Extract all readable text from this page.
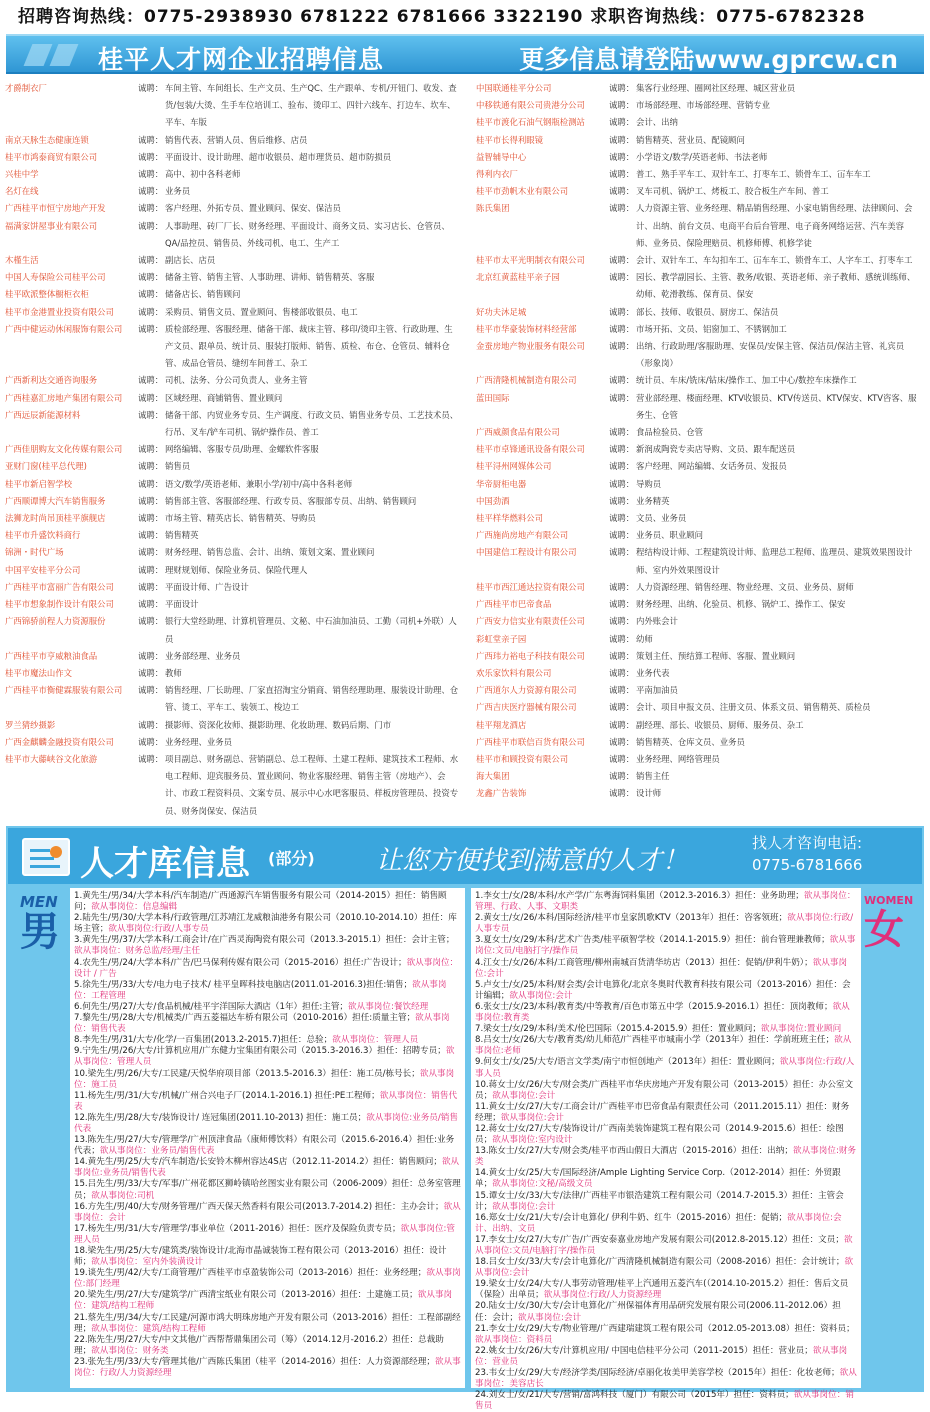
招聘咨询热线：0775-2938930 6781222 6781666 3322190 求职咨询热线：0775-6782328
桂平人才网企业招聘信息	更多信息请登陆www.gprcw.cn
才爵制衣厂	诚聘： 车间主管、车间组长、生产文员、生产QC、生产跟单、专机/开钮门、收发、查货/包装/大烫、生手车位培训工、验布、烫印工、四针六线车、打边车、坎车、平车、车版
南京天脉生态健康连锁	诚聘： 销售代表、营销人员、售后维修、店员
桂平市鸿泰商贸有限公司	诚聘： 平面设计、设计助理、超市收银员、超市理货员、超市防损员
兴桂中学	诚聘： 高中、初中各科老师
名灯在线	诚聘： 业务员
广西桂平市恒宁房地产开发	诚聘： 客户经理、外拓专员、置业顾问、保安、保洁员
福满家饼屋事业有限公司	诚聘： 人事助理、砖厂厂长、财务经理、平面设计、商务文员、实习店长、仓管员、QA/品控员、销售员、外线司机、电工、生产工
木槿生活	诚聘： 副店长、店员
中国人寿保险公司桂平公司	诚聘： 储备主管、销售主管、人事助理、讲师、销售精英、客服
桂平欧派整体橱柜衣柜	诚聘： 储备店长、销售顾问
桂平市金港置业投资有限公司	诚聘： 采购员、销售文员、置业顾问、售楼部收银员、电工
广西中健运动休闲服饰有限公司	诚聘： 质检部经理、客服经理、储备干部、裁床主管、移印/烫印主管、行政助理、生产文员、跟单员、统计员、服装打版师、销售、质检、布仓、仓管员、辅料仓管、成品仓管员、缝纫车间普工、杂工
广西新利达交通咨询服务	诚聘： 司机、法务、分公司负责人、业务主管
广西桂嘉汇房地产集团有限公司	诚聘： 区域经理、商铺销售、置业顾问
广西远辰新能源材料	诚聘： 储备干部、内贸业务专员、生产调度、行政文员、销售业务专员、工艺技术员、行吊、叉车/铲车司机、锅炉操作员、普工
广西佳朋购友文化传媒有限公司	诚聘： 网络编辑、客服专员/助理、金螺软件客服
亚财门窗(桂平总代理)	诚聘： 销售员
桂平市新启智学校	诚聘： 语文/数学/英语老师、兼职小学/初中/高中各科老师
广西顺谭博大汽车销售服务	诚聘： 销售部主管、客服部经理、行政专员、客服部专员、出纳、销售顾问
法狮龙时尚吊顶桂平旗舰店	诚聘： 市场主管、精英店长、销售精英、导购员
桂平市升盛饮料商行	诚聘： 销售精英
锦洲・时代广场	诚聘： 财务经理、销售总监、会计、出纳、策划文案、置业顾问
中国平安桂平分公司	诚聘： 理财规划师、保险业务员、保险代理人
广西桂平市富丽广告有限公司	诚聘： 平面设计师、广告设计
桂平市想象制作设计有限公司	诚聘： 平面设计
广西锦骄前程人力资源服份	诚聘： 银行大堂经助理、计算机管理员、文秘、中石油加油员、工勤（司机+外联）人员
广西桂平市亨威粮油食品	诚聘： 业务部经理、业务员
桂平市魔法山作文	诚聘： 教师
广西桂平市衡健霖服装有限公司	诚聘： 销售经理、厂长助理、厂家直招淘宝分销商、销售经理助理、服装设计助理、仓管、烫工、平车工、装领工、梭边工
罗兰猜纱摄影	诚聘： 摄影师、资深化妆师、摄影助理、化妆助理、数码后期、门市
广西金麒麟金融投资有限公司	诚聘： 业务经理、业务员
桂平市大藤峡谷文化旅游	诚聘： 项目副总、财务副总、营销副总、总工程师、土建工程师、建筑技术工程师、水电工程师、迎宾服务员、置业顾问、物业客服经理、销售主管（房地产）、会计、市政工程资料员、文案专员、展示中心水吧客服员、样板房管理员、投资专员、财务岗保安、保洁员
中国联通桂平分公司	诚聘： 集客行业经理、圈网社区经理、城区营业员
中移铁通有限公司贵港分公司	诚聘： 市场部经理、市场部经理、营销专业
桂平市渡化石油气钢瓶检测站	诚聘： 会计、出纳
桂平市长得利眼镜	诚聘： 销售精英、营业员、配镜顾问
益智辅导中心	诚聘： 小学语文/数学/英语老师、书法老师
得利内衣厂	诚聘： 普工、熟手平车工、双针车工、打枣车工、锁骨车工、冚车车工
桂平市劲帆木业有限公司	诚聘： 叉车司机、锅炉工、烤板工、胶合板生产车间、普工
陈氏集团	诚聘： 人力资源主管、业务经理、精品销售经理、小家电销售经理、法律顾问、会计、出纳、前台文员、电商平台后台管理、电子商务网络运营、汽车美容师、业务员、保险理赔员、机修师傅、机修学徒
桂平市太平光明制衣有限公司	诚聘： 会计、双针车工、车勾扣车工、冚车车工、锁骨车工、人字车工、打枣车工
北京红黄蓝桂平亲子园	诚聘： 园长、教学副园长、主管、教务/收银、英语老师、亲子教师、感统训练师、幼师、乾滑教练、保育员、保安
好功夫沐足城	诚聘： 部长、技师、收银员、厨房工、保洁员
桂平市华豪装饰材料经营部	诚聘： 市场开拓、文员、铝窗加工、不锈钢加工
金蚕房地产物业服务有限公司	诚聘： 出纳、行政助理/客服助理、安保员/安保主管、保洁员/保洁主管、礼宾员（形象岗）
广西清隆机械制造有限公司	诚聘： 统计员、车床/铣床/钻床/操作工、加工中心/数控车床操作工
蓝田国际	诚聘： 营业部经理、楼面经理、KTV收银员、KTV传送员、KTV保安、KTV咨客、服务生、仓管
广西威颜食品有限公司	诚聘： 食品检验员、仓管
桂平市卓锋通讯设备有限公司	诚聘： 新润成陶瓷专卖店导购、文员、跟车配送员
桂平浔州网媒体公司	诚聘： 客户经理、网站编辑、女话务员、发报员
华帝厨柜电器	诚聘： 导购员
中国劲酒	诚聘： 业务精英
桂平样华燃料公司	诚聘： 文员、业务员
广西施尚房地产有限公司	诚聘： 业务员、职业顾问
中国建信工程设计有限公司	诚聘： 程结构设计师、工程建筑设计师、监理总工程师、监理员、建筑效果图设计师、室内外效果图设计
桂平市西江通达拉资有限公司	诚聘： 人力资源经理、销售经理、物业经理、文员、业务员、厨师
广西桂平市巴帝食品	诚聘： 财务经理、出纳、化验员、机修、锅炉工、操作工、保安
广西安力信实业有限责任公司	诚聘： 内外账会计
彩虹堂亲子园	诚聘： 幼师
广西玮力裕电子科技有限公司	诚聘： 策划主任、预结算工程师、客服、置业顾问
欢乐家饮料有限公司	诚聘： 业务代表
广西道尔人力资源有限公司	诚聘： 平南加油员
广西吉庆医疗器械有限公司	诚聘： 会计、项目申报文员、注册文员、体系文员、销售精英、质检员
桂平翔龙酒店	诚聘： 副经理、部长、收银员、厨师、服务员、杂工
广西桂平市联信百货有限公司	诚聘： 销售精英、仓库文员、业务员
桂平市和顾投资有限公司	诚聘： 业务经理、网络管理员
海大集团	诚聘： 销售主任
龙鑫广告装饰	诚聘： 设计师
人才库信息 (部分) 让您方便找到满意的人才！
找人才咨询电话:
0775-6781666
MEN
男
1.黄先生/男/34/大学本科/汽车制造/广西通源汽车销售服务有限公司（2014-2015）担任：销售顾问；欲从事岗位：信息编辑
2.陆先生/男/30/大学本科/行政管理/江苏靖江龙威粮油港务有限公司（2010.10-2014.10）担任：库场主管；欲从事岗位:行政/人事专员
3.黄先生/男/37/大学本科/工商会计/在广西灵海陶瓷有限公司（2013.3-2015.1）担任：会计主管；欲从事岗位：财务总监/经理/主任
4.农先生/男/24/大学本科/广告/巴马保利传媒有限公司（2015-2016）担任:广告设计；欲从事岗位：设计 / 广告
5.徐先生/男/33/大专/电力电子技术/ 桂平皇晖科技电脑店(2011.01-2016.3)担任:销售；欲从事岗位：工程管理
6.何先生/男/27/大专/食品机械/桂平宇洋国际大酒店（1年）担任:主管；欲从事岗位:餐饮经理
7.黎先生/男/28/大专/机械类/广西五菱福达车桥有限公司（2010-2016）担任:质量主管；欲从事岗位：销售代表
8.李先生/男/31/大专/化学/一百集团(2013.2-2015.7)担任：总验；欲从事岗位：管理人员
9.宁先生/男/26/大专/计算机应用/广东健力宝集团有限公司（2015.3-2016.3）担任：招聘专员；欲从事岗位：管理人员
10.梁先生/男/26/大专/工民建/天悦华府项目部（2013.5-2016.3）担任：施工员/栋号长；欲从事岗位：施工员
11.杨先生/男/31/大专/机械/广州合兴电子厂(2014.1-2016.1) 担任:PE工程师；欲从事岗位：销售代表
12.陈先生/男/28/大专/装饰设计/ 连冠集团(2011.10-2013) 担任：施工员；欲从事岗位:业务员/销售代表
13.陈先生/男/27/大专/管理学/广州顶津食品（康师傅饮料）有限公司（2015.6-2016.4）担任:业务代表；欲从事岗位：业务员/销售代表
14.黄先生/男/25/大专/汽车制造/长安铃木柳州容达4S店（2012.11-2014.2）担任：销售顾问；欲从事岗位:业务员/销售代表
15.吕先生/男/33/大专/军事/广州花都区狮岭镇哈丝图实业有限公司（2006-2009）担任：总务室管理员；欲从事岗位:司机
16.方先生/男/40/大专/财务管理/广西天保天然香料有限公司(2013.7-2014.2) 担任：主办会计；欲从事岗位：会计
17.杨先生/男/31/大专/管理学/事业单位（2011-2016）担任：医疗及保险负责专员；欲从事岗位:管理人员
18.梁先生/男/25/大专/建筑类/装饰设计/北海市晶诚装饰工程有限公司（2013-2016）担任：设计师；欲从事岗位：室内外装潢设计
19.谈先生/男/42/大专/工商管理/广西桂平市卓盈装饰公司（2013-2016）担任：业务经理；欲从事岗位:部门经理
20.梁先生/男/27/大专/建筑学/广西清宝纸业有限公司（2013-2016）担任：土建施工员；欲从事岗位：建筑/结构工程师
21.蔡先生/男/34/大专/工民建/河源市鸿大明珠房地产开发有限公司（2013-2016）担任：工程部副经理；欲从事岗位：建筑/结构工程师
22.陈先生/男/27/大专/中文其他/广西帮帮鼎集团公司（筹）（2014.12月-2016.2）担任：总裁助理；欲从事岗位：财务类
23.张先生/男/33/大专/管理其他/广西陈氏集团（桂平（2014-2016）担任：人力资源部经理；欲从事岗位：行政/人力资源经理
1.李女士/女/28/本科/水产学/广东粤海饲料集团（2012.3-2016.3）担任：业务助理；欲从事岗位：管理、行政、人事、文职类
2.黄女士/女/26/本科/国际经济/桂平市皇家凯歌KTV（2013年）担任：咨客领班；欲从事岗位:行政/人事专员
3.夏女士/女/29/本科/艺术广告类/桂平硕智学校（2014.1-2015.9）担任：前台管理兼教师；欲从事岗位:文员/电脑打字/操作员
4.江女士/女/26/本科/工商管理/柳州南城百货清华坊店（2013）担任：促销/伊利牛奶）；欲从事岗位:会计
5.卢女士/女/25/本科/财会类/会计电算化/北京冬奥时代教育科技有限公司（2013-2016）担任：会计编辑；欲从事岗位:会计
6.张女士/女/23/本科/教育类/中等教育/百色市第五中学（2015.9-2016.1）担任：顶岗教师；欲从事岗位:教育类
7.梁女士/女/29/本科/美术/伦巴国际（2015.4-2015.9）担任：置业顾问；欲从事岗位:置业顾问
8.吕女士/女/26/大专/教育类/幼儿师范/广西桂平市城南小学（2013年）担任：学前班班主任；欲从事岗位:老师
9.何女士/女/25/大专/语言文学类/南宁市恒创地产（2013年）担任：置业顾问；欲从事岗位:行政/人事人员
10.蒋女士/女/26/大专/财会类/广西桂平市华庆房地产开发有限公司（2013-2015）担任：办公室文员；欲从事岗位:会计
11.黄女士/女/27/大专/工商会计/广西桂平市巴帝食品有限责任公司（2011.2015.11）担任：财务经理；欲从事岗位:会计
12.蒋女士/女/27/大专/装饰设计/广西南美装饰建筑工程有限公司（2014.9-2015.6）担任：绘图员；欲从事岗位:室内设计
13.陈女士/女/27/大专/财会类/桂平市西山假日大酒店（2015-2016）担任：出纳；欲从事岗位:财务类
14.黄女士/女/25/大专/国际经济/Ample Lighting Service Corp.（2012-2014）担任：外贸跟单；欲从事岗位:文秘/高级文员
15.谭女士/女/33/大专/法律/广西桂平市银浩建筑工程有限公司（2014.7-2015.3）担任：主管会计；欲从事岗位:会计
16.郑女士/女/21/大专/会计电算化/ 伊利牛奶、红牛（2015-2016）担任：促销；欲从事岗位:会计、出纳、文员
17.李女士/女/27/大专/广告/广西安泰嘉业房地产发展有限公司(2012.8-2015.12）担任：文员；欲从事岗位:文员/电脑打字/操作员
18.吕女士/女/33/大专/会计电算化/广西清隆机械制造有限公司（2008-2016）担任：会计统计；欲从事岗位:会计
19.梁女士/女/24/大专/人事劳动管理/桂平上汽通用五菱汽车(（2014.10-2015.2）担任：售后文员（保险）出单员；欲从事岗位:行政/人力资源经理
20.陆女士/女/30/大专/会计电算化/广州保福体育用品研究发展有限公司(2006.11-2012.06）担任：会计；欲从事岗位:会计
21.李女士/女/29/大专/物业管理/广西建瑞建筑工程有限公司（2012.05-2013.08）担任：资料员；欲从事岗位：资料员
22.姚女士/女/26/大专/计算机应用/ 中国电信桂平分公司（2011-2015）担任：营业员；欲从事岗位：营业员
23.韦女士/女/29/大专/经济学类/国际经济/卓丽化妆美甲美容学校（2015年）担任：化妆老师；欲从事岗位：美容店长
24.刘女士/女/21/大专/营销/富鸿科技（厦门）有限公司（2015年）担任：资料员；欲从事岗位：销售员
WOMEN
女
